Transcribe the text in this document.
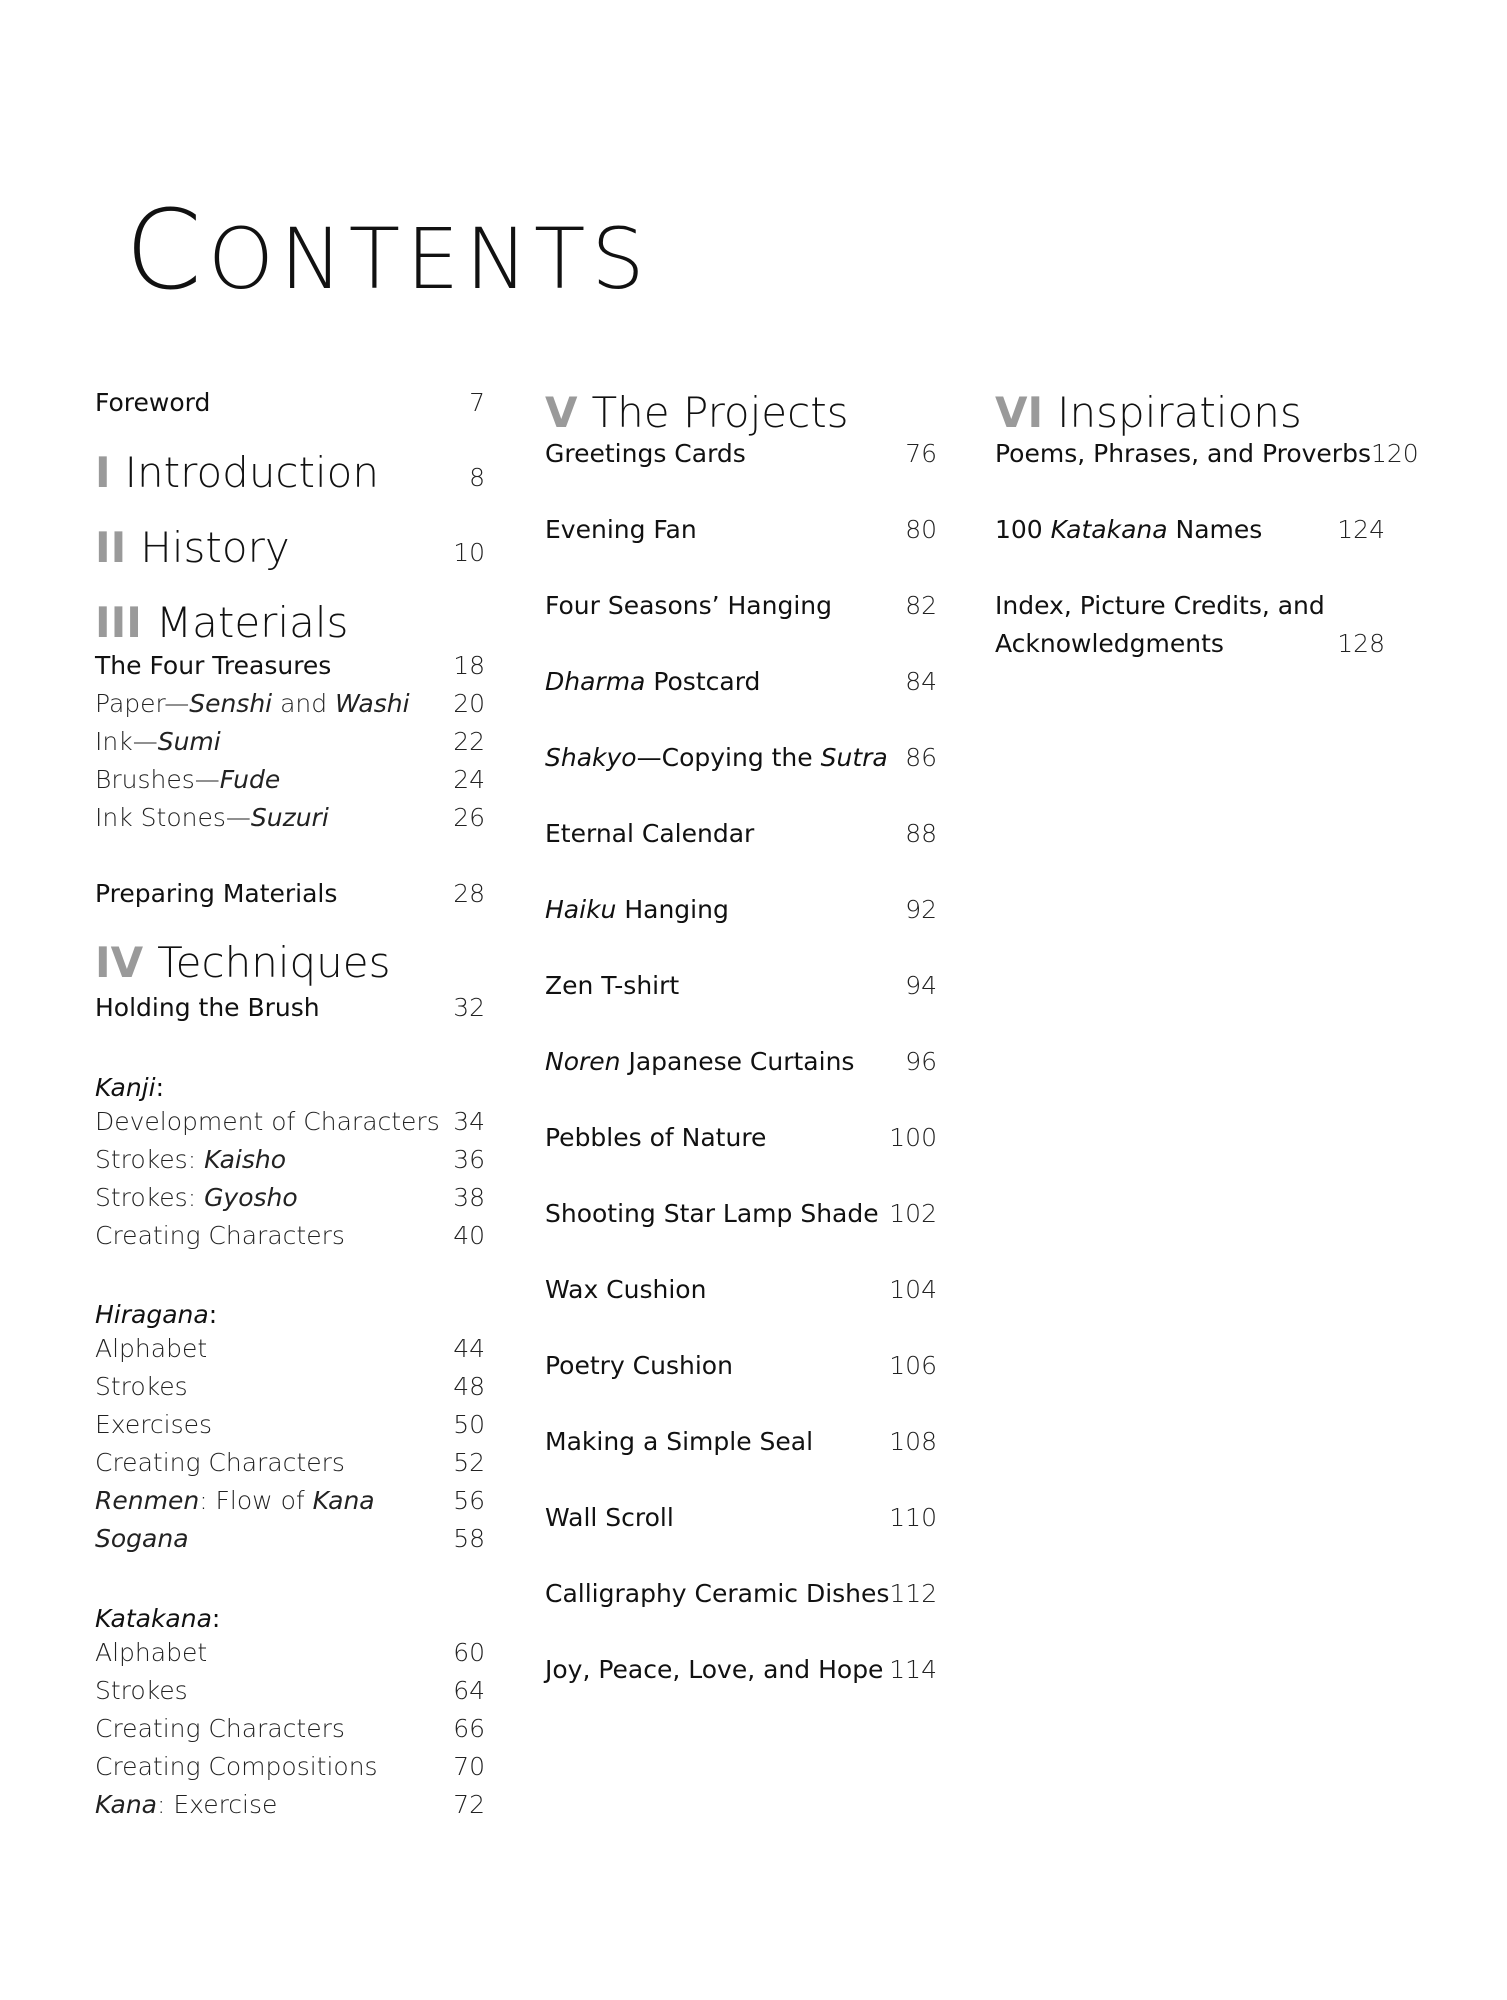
CONTENTS
Foreword	7
I Introduction	8
II History	10
III Materials
The Four Treasures	18
Paper—Senshi and Washi 20
Ink—Sumi	22
Brushes—Fude	24
Ink Stones—Suzuri	26
Preparing Materials	28
IV Techniques
Holding the Brush	32
Kanji:
Development of Characters 34
Strokes: Kaisho	36
Strokes: Gyosho	38
Creating Characters	40
Hiragana:
Alphabet	44
Strokes	48
Exercises	50
Creating Characters	52
Renmen: Flow of Kana	56
Sogana	58
Katakana:
Alphabet	60
Strokes	64
Creating Characters	66
Creating Compositions	70
Kana: Exercise	72
V The Projects
Greetings Cards	76
Evening Fan	80
Four Seasons’ Hanging	82
Dharma Postcard	84
Shakyo—Copying the Sutra 86
Eternal Calendar	88
Haiku Hanging	92
Zen T-shirt	94
Noren Japanese Curtains 96
Pebbles of Nature	100
Shooting Star Lamp Shade 102
Wax Cushion	104
Poetry Cushion	106
Making a Simple Seal	108
Wall Scroll	110
Calligraphy Ceramic Dishes 112
Joy, Peace, Love, and Hope 114
VI Inspirations
Poems, Phrases, and Proverbs 120
100 Katakana Names	124
Index, Picture Credits, and
Acknowledgments	128
